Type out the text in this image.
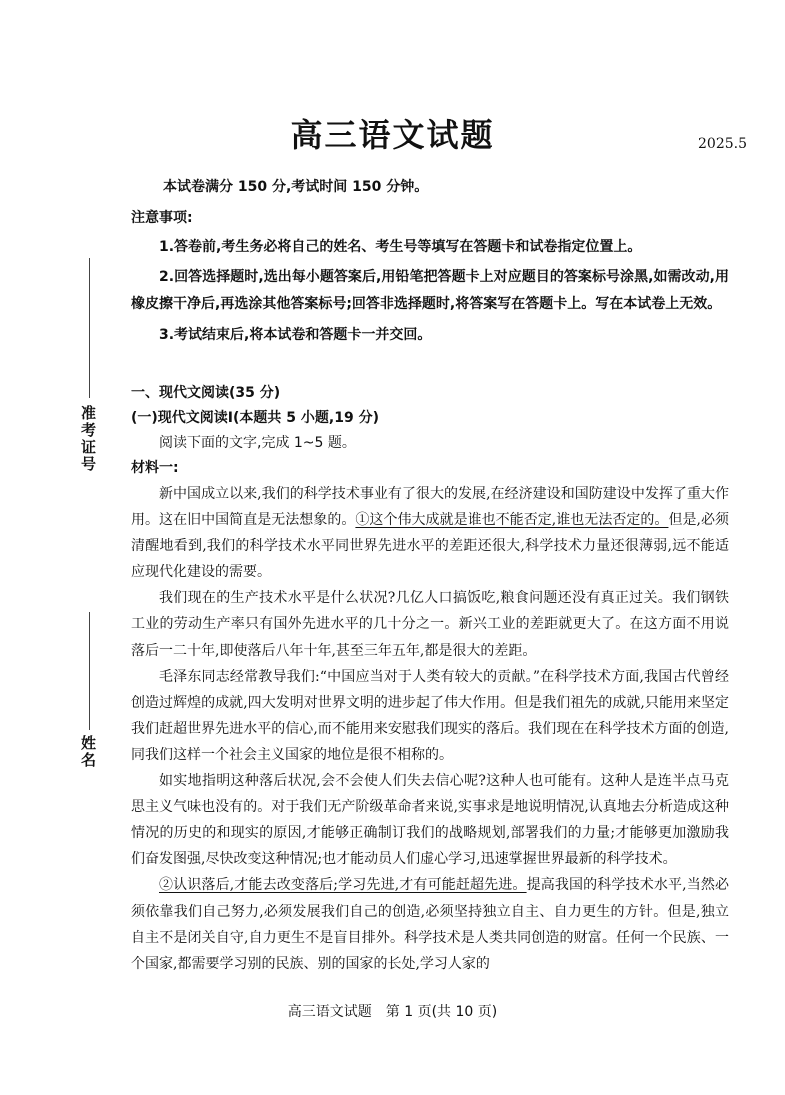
高三语文试题	2025.5
准考证号
姓名

本试卷满分 150 分,考试时间 150 分钟。

注意事项:

1.答卷前,考生务必将自己的姓名、考生号等填写在答题卡和试卷指定位置上。

2.回答选择题时,选出每小题答案后,用铅笔把答题卡上对应题目的答案标号涂黑,如需改动,用橡皮擦干净后,再选涂其他答案标号;回答非选择题时,将答案写在答题卡上。写在本试卷上无效。

3.考试结束后,将本试卷和答题卡一并交回。

一、现代文阅读(35 分)

(一)现代文阅读Ⅰ(本题共 5 小题,19 分)

阅读下面的文字,完成 1~5 题。

材料一:

新中国成立以来,我们的科学技术事业有了很大的发展,在经济建设和国防建设中发挥了重大作用。这在旧中国简直是无法想象的。①这个伟大成就是谁也不能否定,谁也无法否定的。但是,必须清醒地看到,我们的科学技术水平同世界先进水平的差距还很大,科学技术力量还很薄弱,远不能适应现代化建设的需要。

我们现在的生产技术水平是什么状况?几亿人口搞饭吃,粮食问题还没有真正过关。我们钢铁工业的劳动生产率只有国外先进水平的几十分之一。新兴工业的差距就更大了。在这方面不用说落后一二十年,即使落后八年十年,甚至三年五年,都是很大的差距。

毛泽东同志经常教导我们:“中国应当对于人类有较大的贡献。”在科学技术方面,我国古代曾经创造过辉煌的成就,四大发明对世界文明的进步起了伟大作用。但是我们祖先的成就,只能用来坚定我们赶超世界先进水平的信心,而不能用来安慰我们现实的落后。我们现在在科学技术方面的创造,同我们这样一个社会主义国家的地位是很不相称的。

如实地指明这种落后状况,会不会使人们失去信心呢?这种人也可能有。这种人是连半点马克思主义气味也没有的。对于我们无产阶级革命者来说,实事求是地说明情况,认真地去分析造成这种情况的历史的和现实的原因,才能够正确制订我们的战略规划,部署我们的力量;才能够更加激励我们奋发图强,尽快改变这种情况;也才能动员人们虚心学习,迅速掌握世界最新的科学技术。

②认识落后,才能去改变落后;学习先进,才有可能赶超先进。提高我国的科学技术水平,当然必须依靠我们自己努力,必须发展我们自己的创造,必须坚持独立自主、自力更生的方针。但是,独立自主不是闭关自守,自力更生不是盲目排外。科学技术是人类共同创造的财富。任何一个民族、一个国家,都需要学习别的民族、别的国家的长处,学习人家的

高三语文试题　第 1 页(共 10 页)
